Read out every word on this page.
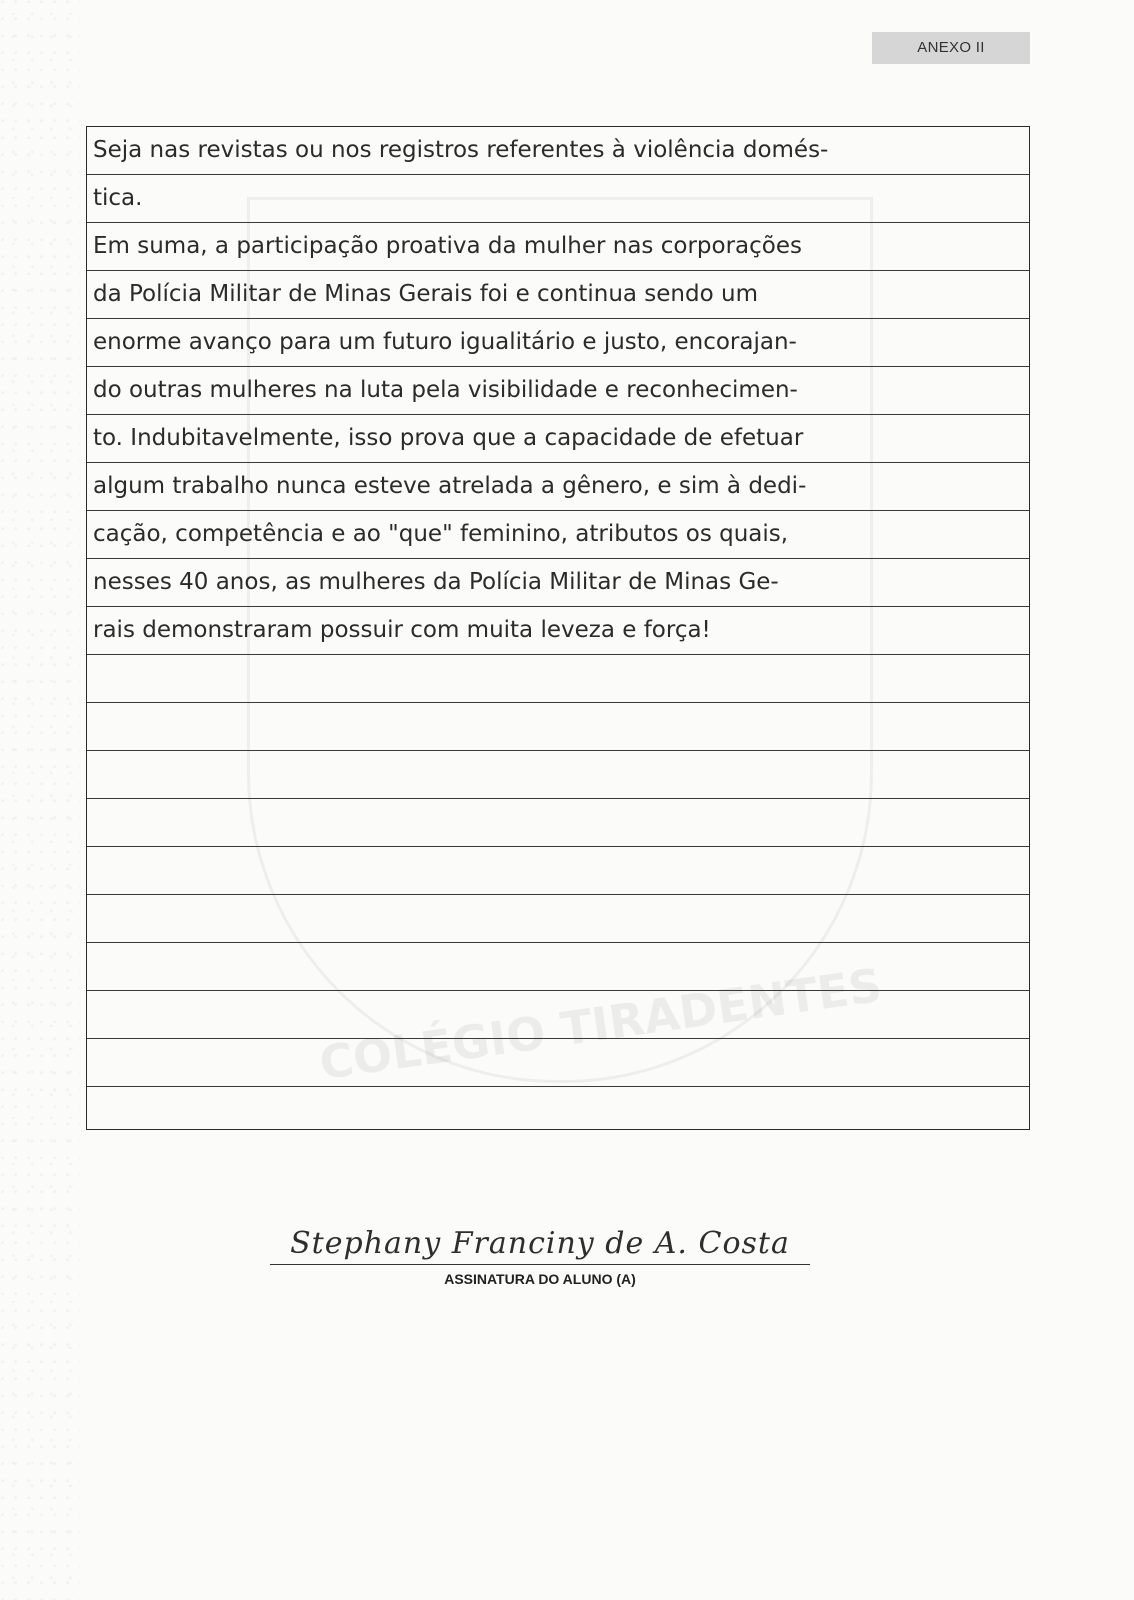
ANEXO II
COLÉGIO TIRADENTES
Seja nas revistas ou nos registros referentes à violência domés-
tica.
Em suma, a participação proativa da mulher nas corporações
da Polícia Militar de Minas Gerais foi e continua sendo um
enorme avanço para um futuro igualitário e justo, encorajan-
do outras mulheres na luta pela visibilidade e reconhecimen-
to. Indubitavelmente, isso prova que a capacidade de efetuar
algum trabalho nunca esteve atrelada a gênero, e sim à dedi-
cação, competência e ao "que" feminino, atributos os quais,
nesses 40 anos, as mulheres da Polícia Militar de Minas Ge-
rais demonstraram possuir com muita leveza e força!
Stephany Franciny de A. Costa
ASSINATURA DO ALUNO (A)
